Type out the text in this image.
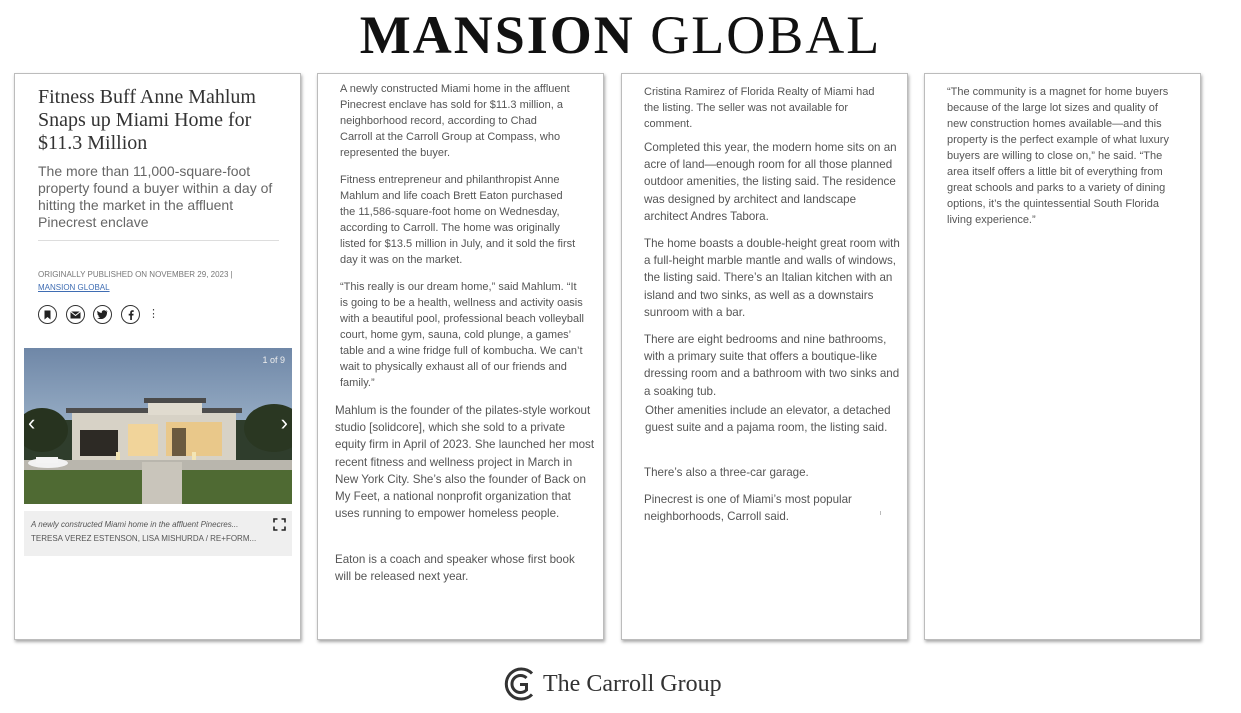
MANSION GLOBAL
Fitness Buff Anne Mahlum Snaps up Miami Home for $11.3 Million
The more than 11,000-square-foot property found a buyer within a day of hitting the market in the affluent Pinecrest enclave
ORIGINALLY PUBLISHED ON NOVEMBER 29, 2023 |
MANSION GLOBAL
⋮
1 of 9
‹	›
A newly constructed Miami home in the affluent Pinecres...
TERESA VEREZ ESTENSON, LISA MISHURDA / RE+FORM...
A newly constructed Miami home in the affluent Pinecrest enclave has sold for $11.3 million, a neighborhood record, according to Chad Carroll at the Carroll Group at Compass, who represented the buyer.
Fitness entrepreneur and philanthropist Anne Mahlum and life coach Brett Eaton purchased the 11,586-square-foot home on Wednesday, according to Carroll. The home was originally listed for $13.5 million in July, and it sold the first day it was on the market.
“This really is our dream home,” said Mahlum. “It is going to be a health, wellness and activity oasis with a beautiful pool, professional beach volleyball court, home gym, sauna, cold plunge, a games’ table and a wine fridge full of kombucha. We can’t wait to physically exhaust all of our friends and family.”
Mahlum is the founder of the pilates-style workout studio [solidcore], which she sold to a private equity firm in April of 2023. She launched her most recent fitness and wellness project in March in New York City. She’s also the founder of Back on My Feet, a national nonprofit organization that uses running to empower homeless people.
Eaton is a coach and speaker whose first book will be released next year.
Cristina Ramirez of Florida Realty of Miami had the listing. The seller was not available for comment.
Completed this year, the modern home sits on an acre of land—enough room for all those planned outdoor amenities, the listing said. The residence was designed by architect and landscape architect Andres Tabora.
The home boasts a double-height great room with a full-height marble mantle and walls of windows, the listing said. There’s an Italian kitchen with an island and two sinks, as well as a downstairs sunroom with a bar.
There are eight bedrooms and nine bathrooms, with a primary suite that offers a boutique-like dressing room and a bathroom with two sinks and a soaking tub.
Other amenities include an elevator, a detached guest suite and a pajama room, the listing said.
There’s also a three-car garage.
Pinecrest is one of Miami’s most popular neighborhoods, Carroll said.
“The community is a magnet for home buyers because of the large lot sizes and quality of new construction homes available—and this property is the perfect example of what luxury buyers are willing to close on,” he said. “The area itself offers a little bit of everything from great schools and parks to a variety of dining options, it’s the quintessential South Florida living experience.”
The Carroll Group
